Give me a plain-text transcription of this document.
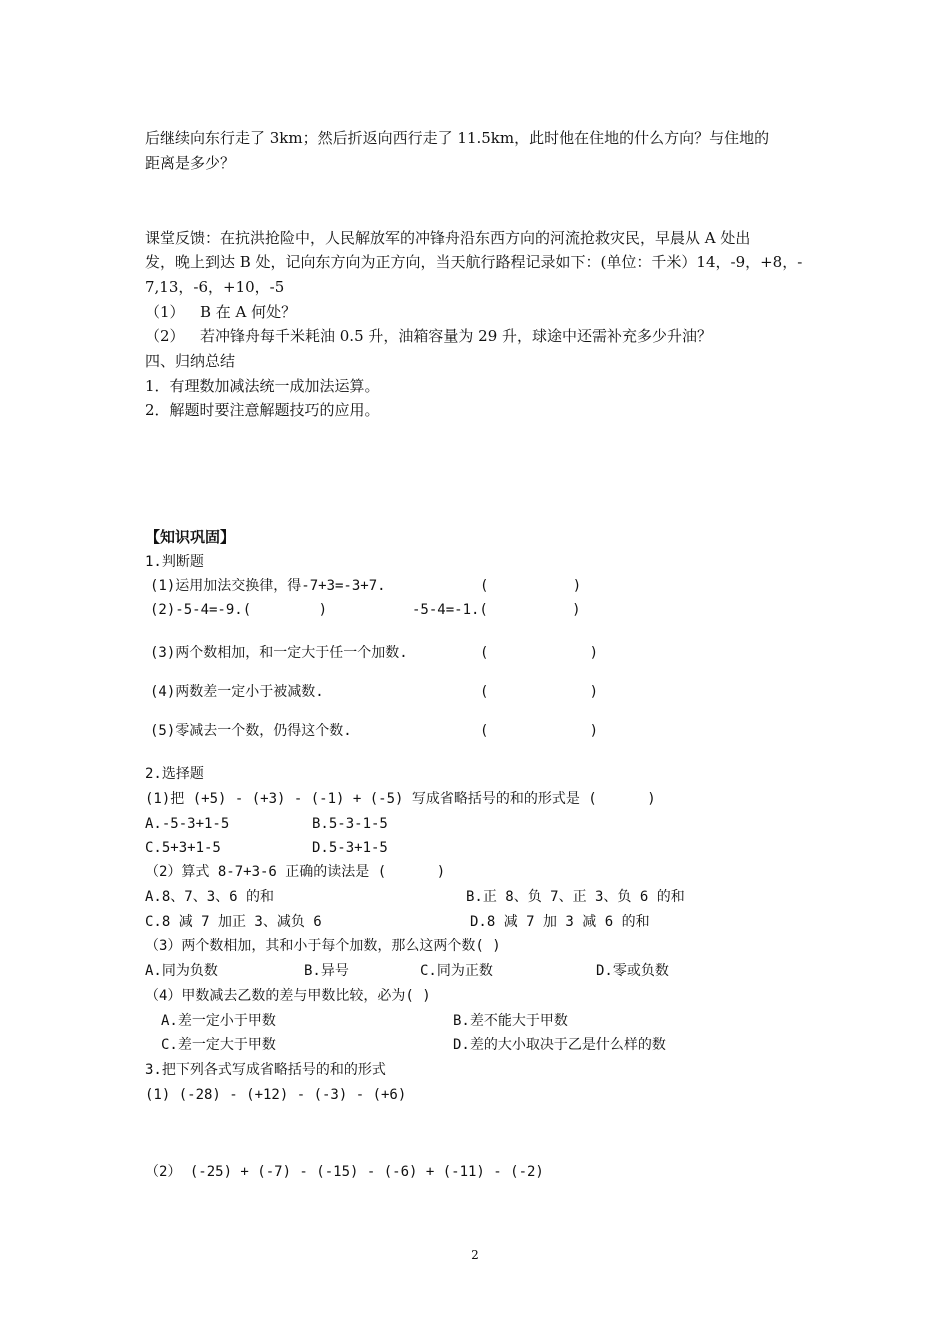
后继续向东行走了 3km；然后折返向西行走了 11.5km，此时他在住地的什么方向？与住地的
距离是多少？
课堂反馈：在抗洪抢险中，人民解放军的冲锋舟沿东西方向的河流抢救灾民，早晨从 A 处出
发，晚上到达 B 处，记向东方向为正方向，当天航行路程记录如下：(单位：千米）14，-9，+8，-
7,13，-6，+10，-5
（1） B 在 A 何处？
（2） 若冲锋舟每千米耗油 0.5 升，油箱容量为 29 升，球途中还需补充多少升油？
四、归纳总结
1．有理数加减法统一成加法运算。
2．解题时要注意解题技巧的应用。
【知识巩固】
1.判断题
(1)运用加法交换律，得-7+3=-3+7.	(          )
(2)-5-4=-9.(        )	-5-4=-1.(          )
(3)两个数相加，和一定大于任一个加数.	(            )
(4)两数差一定小于被减数.	(            )
(5)零减去一个数，仍得这个数.	(            )
2.选择题
(1)把 (+5) - (+3) - (-1) + (-5) 写成省略括号的和的形式是 (      )
A.-5-3+1-5	B.5-3-1-5
C.5+3+1-5	D.5-3+1-5
（2）算式 8-7+3-6 正确的读法是 (      )
A.8、7、3、6 的和	B.正 8、负 7、正 3、负 6 的和
C.8 减 7 加正 3、减负 6	D.8 减 7 加 3 减 6 的和
（3）两个数相加，其和小于每个加数，那么这两个数( )
A.同为负数	B.异号	C.同为正数	D.零或负数
（4）甲数减去乙数的差与甲数比较，必为( )
A.差一定小于甲数	B.差不能大于甲数
C.差一定大于甲数	D.差的大小取决于乙是什么样的数
3.把下列各式写成省略括号的和的形式
(1) (-28) - (+12) - (-3) - (+6)
（2） (-25) + (-7) - (-15) - (-6) + (-11) - (-2)
2
